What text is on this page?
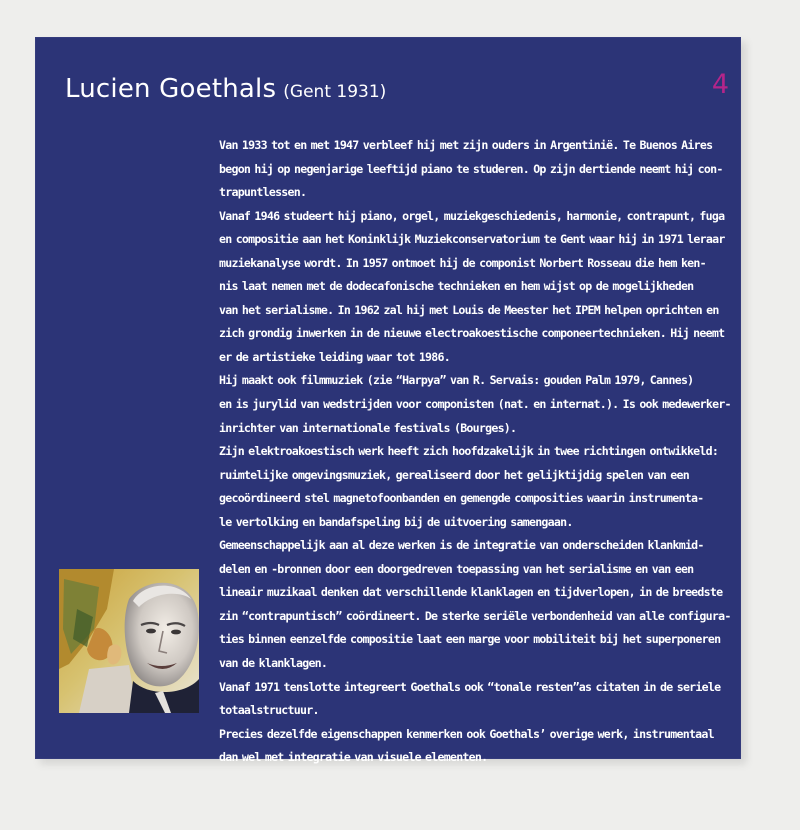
Lucien Goethals (Gent 1931)	4
Van 1933 tot en met 1947 verbleef hij met zijn ouders in Argentinië. Te Buenos Aires
begon hij op negenjarige leeftijd piano te studeren. Op zijn dertiende neemt hij con-
trapuntlessen.
Vanaf 1946 studeert hij piano, orgel, muziekgeschiedenis, harmonie, contrapunt, fuga
en compositie aan het Koninklijk Muziekconservatorium te Gent waar hij in 1971 leraar
muziekanalyse wordt. In 1957 ontmoet hij de componist Norbert Rosseau die hem ken-
nis laat nemen met de dodecafonische technieken en hem wijst op de mogelijkheden
van het serialisme. In 1962 zal hij met Louis de Meester het IPEM helpen oprichten en
zich grondig inwerken in de nieuwe electroakoestische componeertechnieken. Hij neemt
er de artistieke leiding waar tot 1986.
Hij maakt ook filmmuziek (zie “Harpya” van R. Servais: gouden Palm 1979, Cannes)
en is jurylid van wedstrijden voor componisten (nat. en internat.). Is ook medewerker-
inrichter van internationale festivals (Bourges).
Zijn elektroakoestisch werk heeft zich hoofdzakelijk in twee richtingen ontwikkeld:
ruimtelijke omgevingsmuziek, gerealiseerd door het gelijktijdig spelen van een
gecoördineerd stel magnetofoonbanden en gemengde composities waarin instrumenta-
le vertolking en bandafspeling bij de uitvoering samengaan.
Gemeenschappelijk aan al deze werken is de integratie van onderscheiden klankmid-
delen en -bronnen door een doorgedreven toepassing van het serialisme en van een
lineair muzikaal denken dat verschillende klanklagen en tijdverlopen, in de breedste
zin “contrapuntisch” coördineert. De sterke seriële verbondenheid van alle configura-
ties binnen eenzelfde compositie laat een marge voor mobiliteit bij het superponeren
van de klanklagen.
Vanaf 1971 tenslotte integreert Goethals ook “tonale resten”as citaten in de seriele
totaalstructuur.
Precies dezelfde eigenschappen kenmerken ook Goethals’ overige werk, instrumentaal
dan wel met integratie van visuele elementen.
